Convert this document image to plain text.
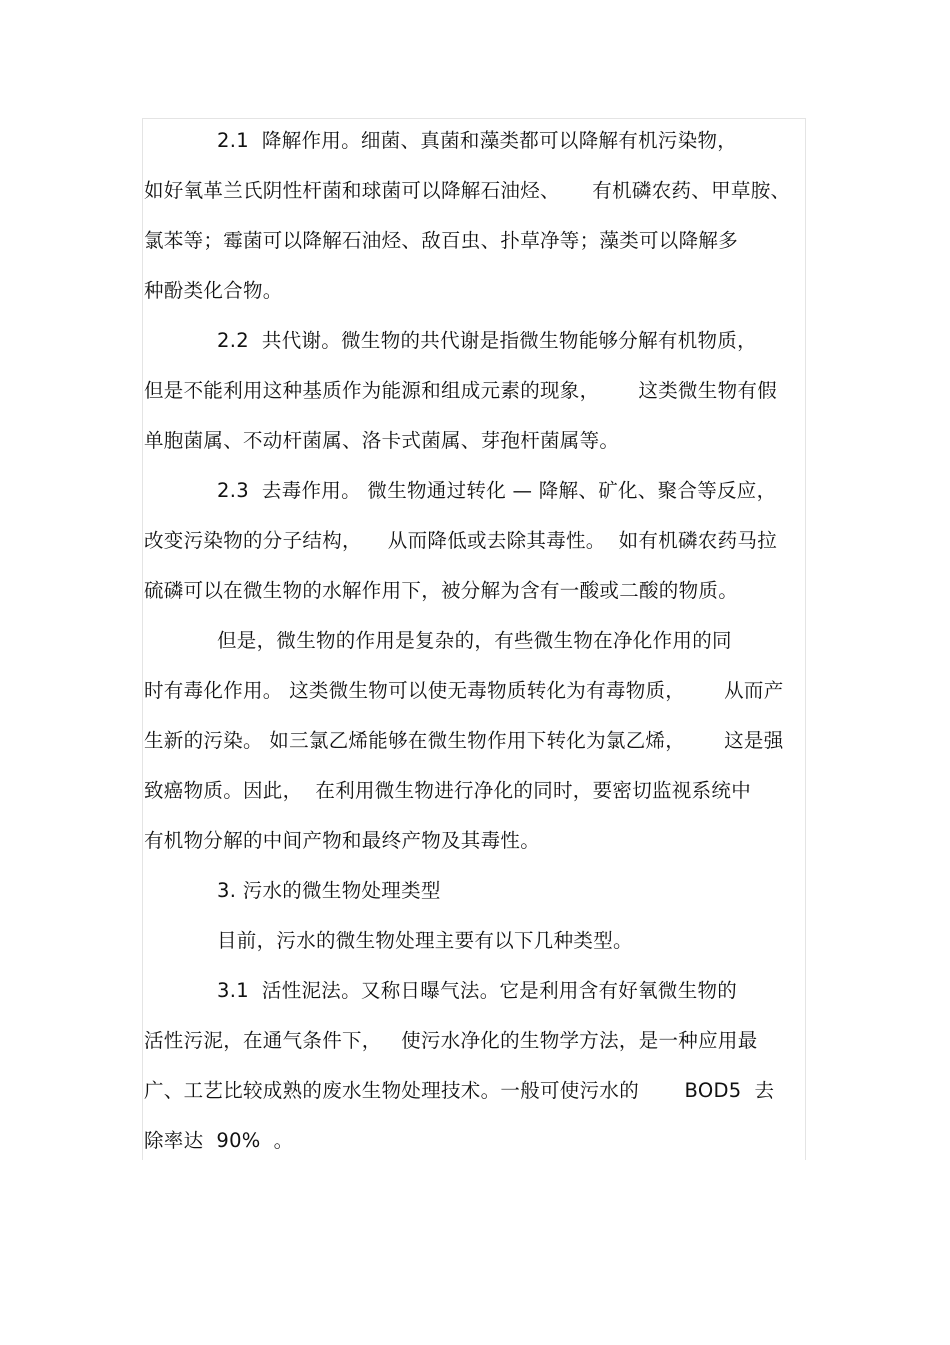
2.1  降解作用。细菌、真菌和藻类都可以降解有机污染物，
如好氧革兰氏阴性杆菌和球菌可以降解石油烃、     有机磷农药、甲草胺、
氯苯等；霉菌可以降解石油烃、敌百虫、扑草净等；藻类可以降解多
种酚类化合物。
2.2  共代谢。微生物的共代谢是指微生物能够分解有机物质，
但是不能利用这种基质作为能源和组成元素的现象，      这类微生物有假
单胞菌属、不动杆菌属、洛卡式菌属、芽孢杆菌属等。
2.3  去毒作用。 微生物通过转化 — 降解、矿化、聚合等反应，
改变污染物的分子结构，    从而降低或去除其毒性。  如有机磷农药马拉
硫磷可以在微生物的水解作用下，被分解为含有一酸或二酸的物质。
但是，微生物的作用是复杂的，有些微生物在净化作用的同
时有毒化作用。 这类微生物可以使无毒物质转化为有毒物质，      从而产
生新的污染。 如三氯乙烯能够在微生物作用下转化为氯乙烯，      这是强
致癌物质。因此，  在利用微生物进行净化的同时，要密切监视系统中
有机物分解的中间产物和最终产物及其毒性。
3. 污水的微生物处理类型
目前，污水的微生物处理主要有以下几种类型。
3.1  活性泥法。又称日曝气法。它是利用含有好氧微生物的
活性污泥，在通气条件下，   使污水净化的生物学方法，是一种应用最
广、工艺比较成熟的废水生物处理技术。一般可使污水的       BOD5  去
除率达  90%  。
